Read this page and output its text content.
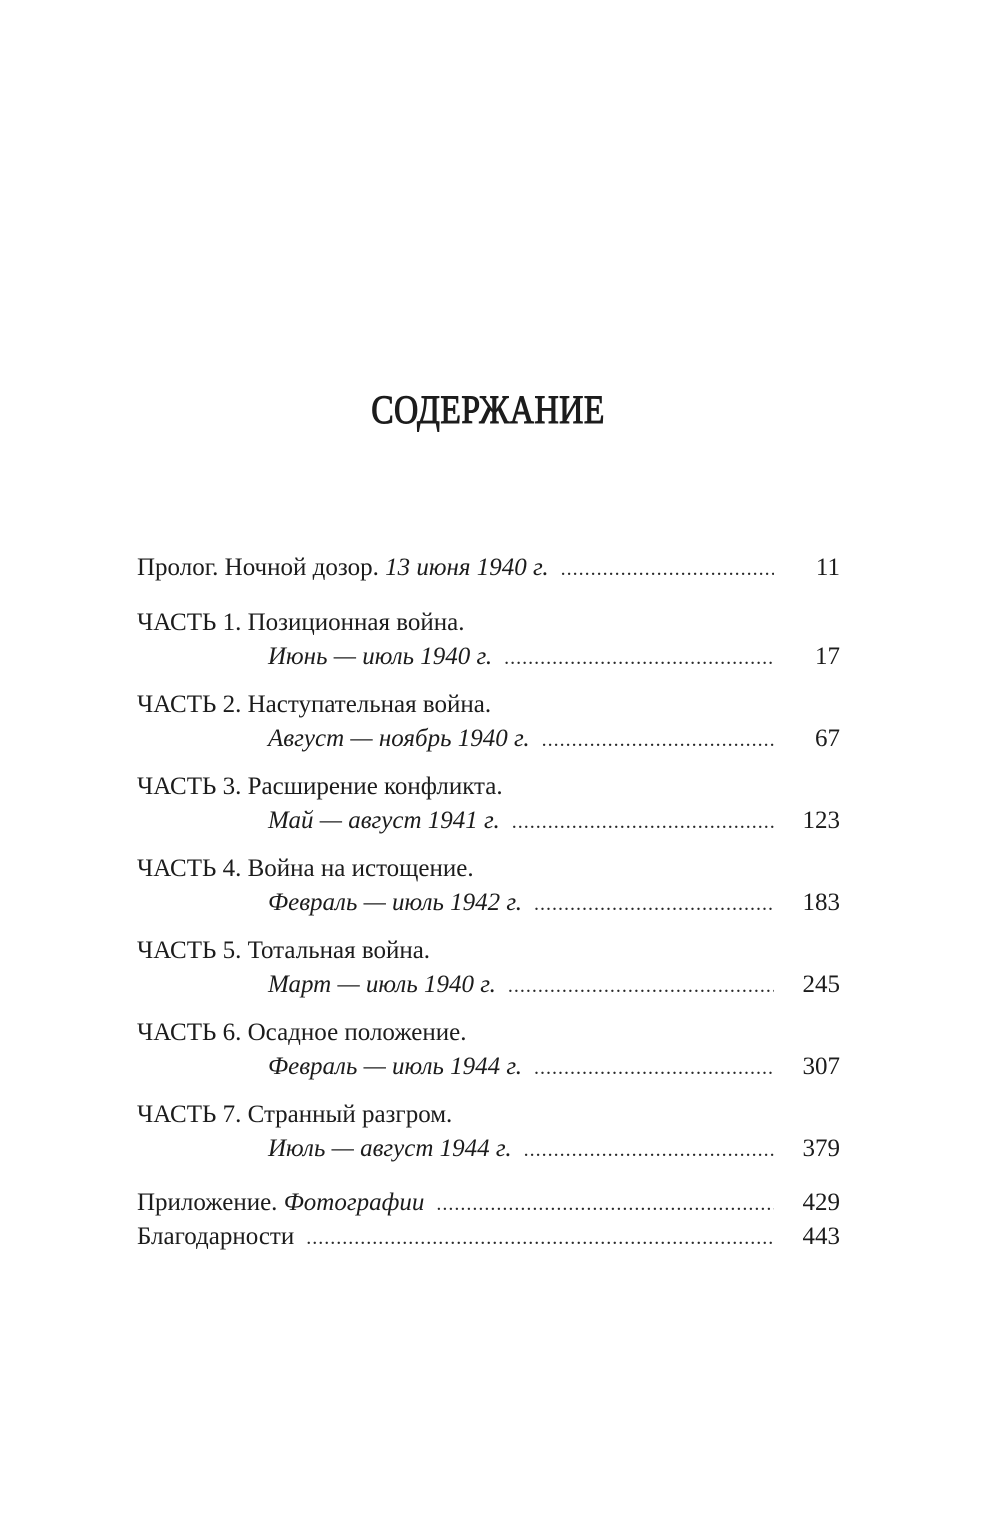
СОДЕРЖАНИЕ
Пролог. Ночной дозор. 13 июня 1940 г. .....	11
ЧАСТЬ 1. Позиционная война.
Июнь — июль 1940 г. .....	17
ЧАСТЬ 2. Наступательная война.
Август — ноябрь 1940 г. .....	67
ЧАСТЬ 3. Расширение конфликта.
Май — август 1941 г. .....	123
ЧАСТЬ 4. Война на истощение.
Февраль — июль 1942 г. .....	183
ЧАСТЬ 5. Тотальная война.
Март — июль 1940 г. .....	245
ЧАСТЬ 6. Осадное положение.
Февраль — июль 1944 г. .....	307
ЧАСТЬ 7. Странный разгром.
Июль — август 1944 г. .....	379
Приложение. Фотографии .....	429
Благодарности .....	443
